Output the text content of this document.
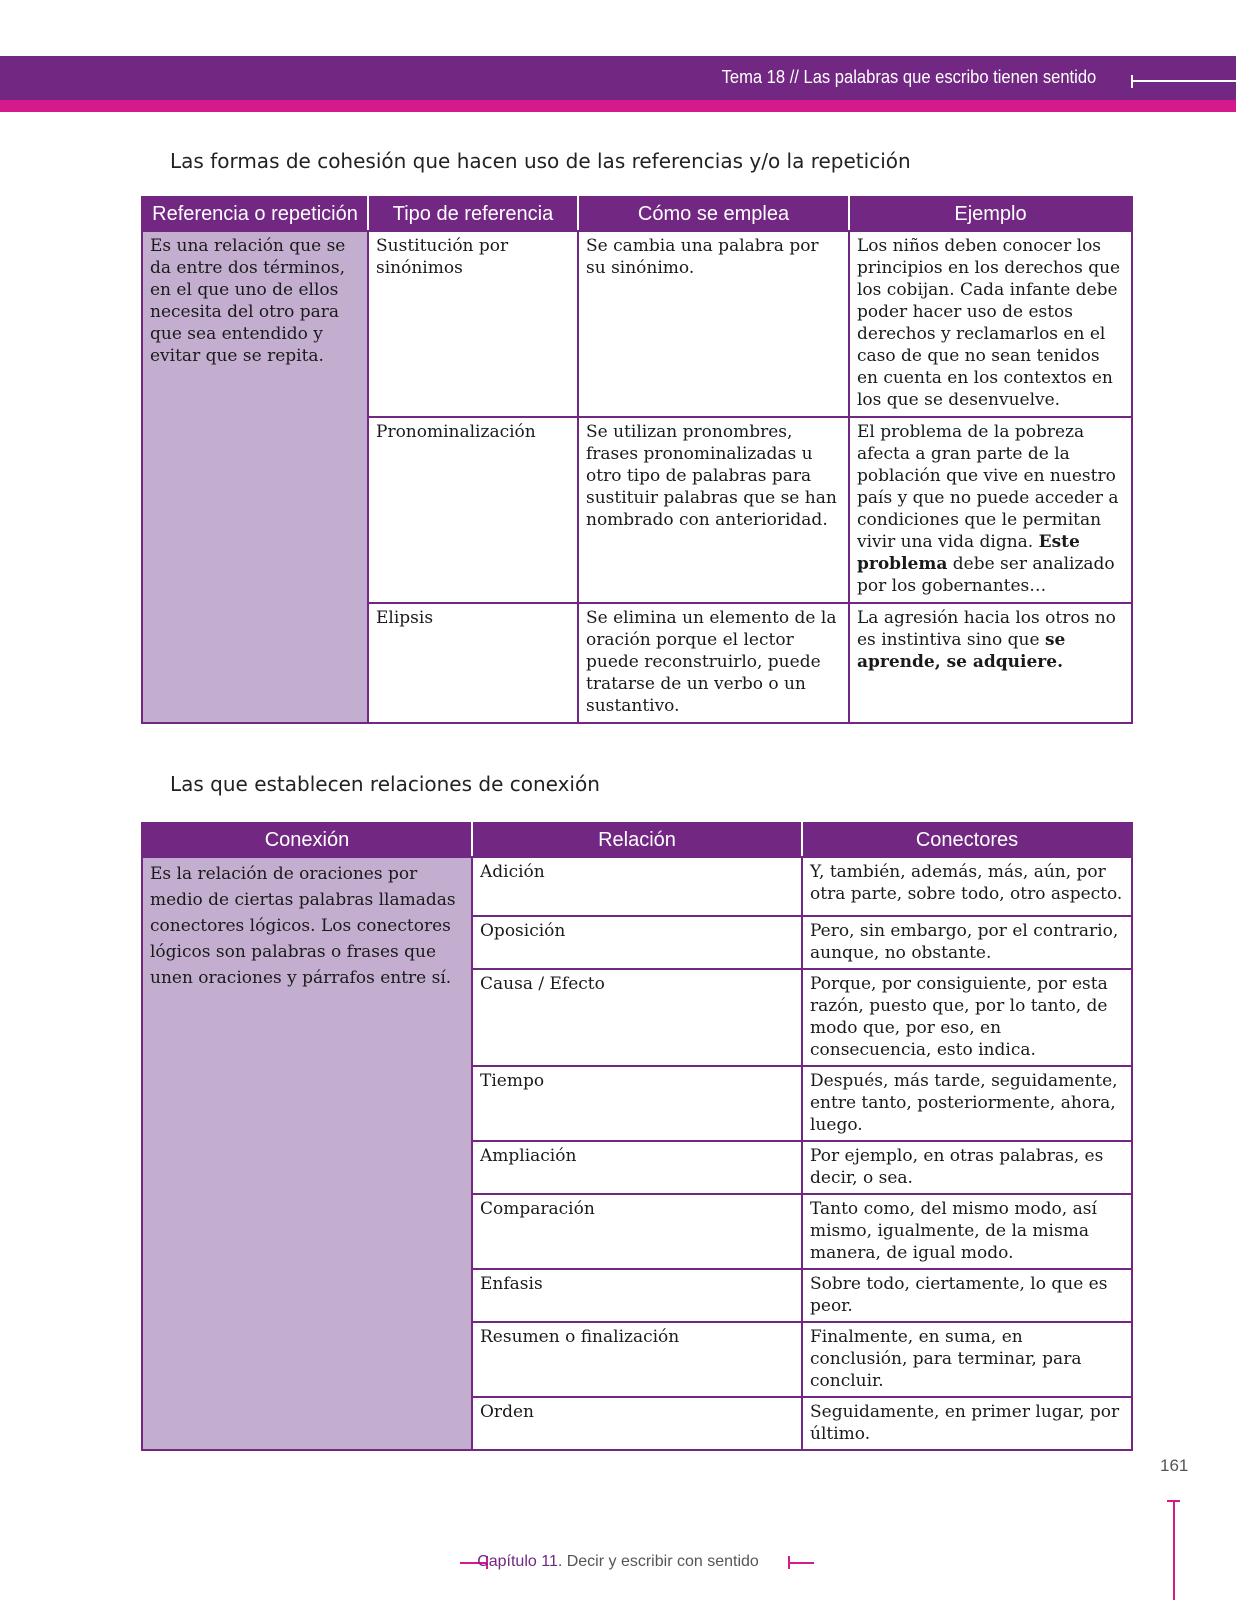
Tema 18 // Las palabras que escribo tienen sentido
Las formas de cohesión que hacen uso de las referencias y/o la repetición
Referencia o repetición	Tipo de referencia	Cómo se emplea	Ejemplo
Es una relación que se da entre dos términos, en el que uno de ellos necesita del otro para que sea entendido y evitar que se repita.	Sustitución por sinónimos	Se cambia una palabra por su sinónimo.	Los niños deben conocer los principios en los derechos que los cobijan. Cada infante debe poder hacer uso de estos derechos y reclamarlos en el caso de que no sean tenidos en cuenta en los contextos en los que se desenvuelve.
	Pronominalización	Se utilizan pronombres, frases pronominalizadas u otro tipo de palabras para sustituir palabras que se han nombrado con anterioridad.	El problema de la pobreza afecta a gran parte de la población que vive en nuestro país y que no puede acceder a condiciones que le permitan vivir una vida digna. Este problema debe ser analizado por los gobernantes…
	Elipsis	Se elimina un elemento de la oración porque el lector puede reconstruirlo, puede tratarse de un verbo o un sustantivo.	La agresión hacia los otros no es instintiva sino que se aprende, se adquiere.
Las que establecen relaciones de conexión
Conexión	Relación	Conectores
Es la relación de oraciones por medio de ciertas palabras llamadas conectores lógicos. Los conectores lógicos son palabras o frases que unen oraciones y párrafos entre sí.	Adición	Y, también, además, más, aún, por otra parte, sobre todo, otro aspecto.
	Oposición	Pero, sin embargo, por el contrario, aunque, no obstante.
	Causa / Efecto	Porque, por consiguiente, por esta razón, puesto que, por lo tanto, de modo que, por eso, en consecuencia, esto indica.
	Tiempo	Después, más tarde, seguidamente, entre tanto, posteriormente, ahora, luego.
	Ampliación	Por ejemplo, en otras palabras, es decir, o sea.
	Comparación	Tanto como, del mismo modo, así mismo, igualmente, de la misma manera, de igual modo.
	Enfasis	Sobre todo, ciertamente, lo que es peor.
	Resumen o finalización	Finalmente, en suma, en conclusión, para terminar, para concluir.
	Orden	Seguidamente, en primer lugar, por último.
161
Capítulo 11. Decir y escribir con sentido
